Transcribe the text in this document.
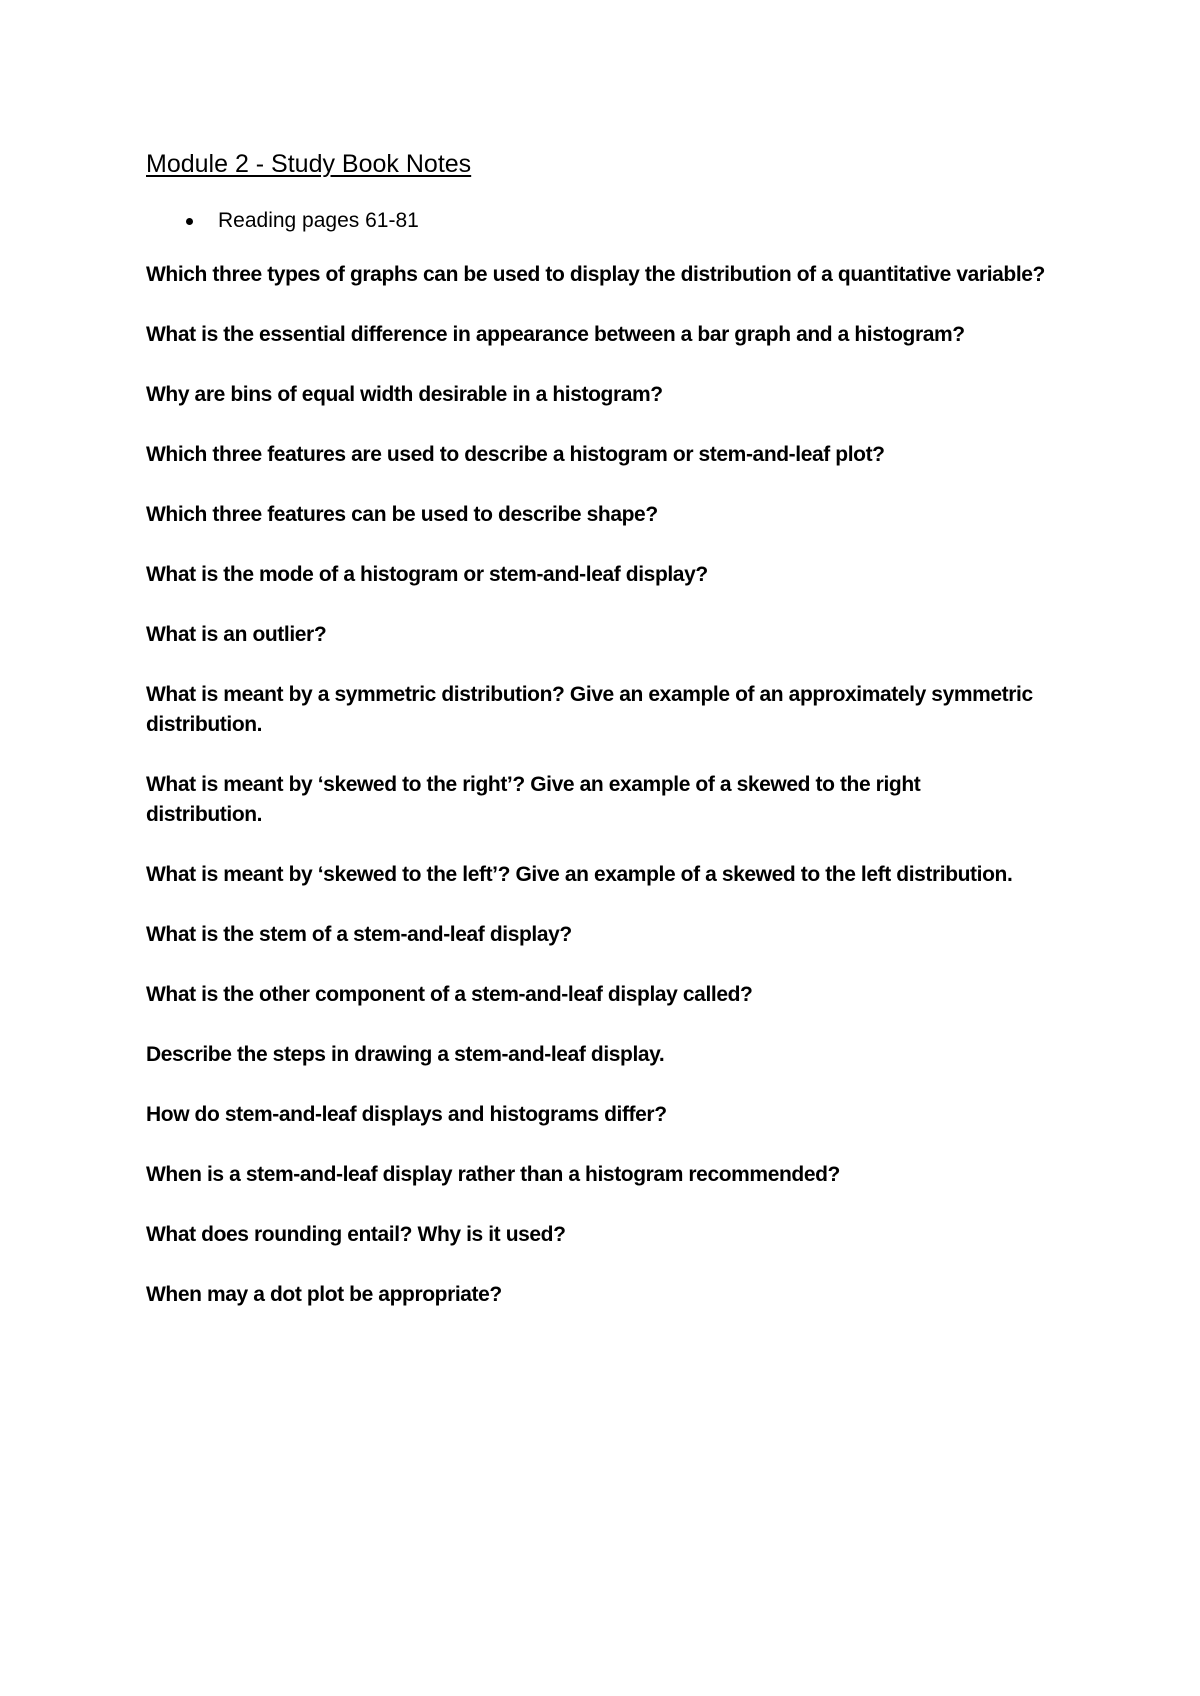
Module 2 - Study Book Notes
Reading pages 61-81
Which three types of graphs can be used to display the distribution of a quantitative variable?
What is the essential difference in appearance between a bar graph and a histogram?
Why are bins of equal width desirable in a histogram?
Which three features are used to describe a histogram or stem-and-leaf plot?
Which three features can be used to describe shape?
What is the mode of a histogram or stem-and-leaf display?
What is an outlier?
What is meant by a symmetric distribution? Give an example of an approximately symmetric distribution.
What is meant by ‘skewed to the right’? Give an example of a skewed to the right distribution.
What is meant by ‘skewed to the left’? Give an example of a skewed to the left distribution.
What is the stem of a stem-and-leaf display?
What is the other component of a stem-and-leaf display called?
Describe the steps in drawing a stem-and-leaf display.
How do stem-and-leaf displays and histograms differ?
When is a stem-and-leaf display rather than a histogram recommended?
What does rounding entail? Why is it used?
When may a dot plot be appropriate?
